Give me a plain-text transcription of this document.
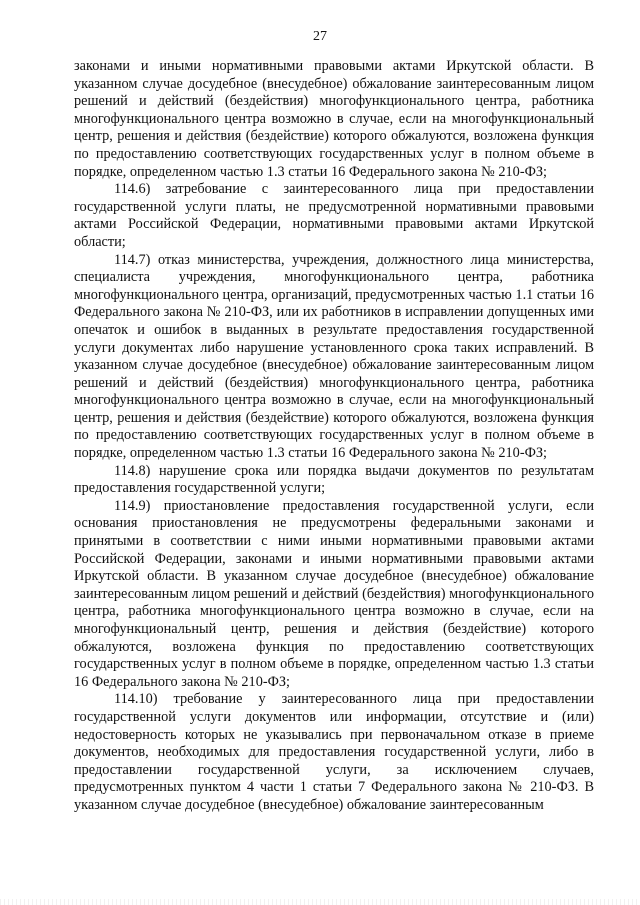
27

законами и иными нормативными правовыми актами Иркутской области. В указанном случае досудебное (внесудебное) обжалование заинтересованным лицом решений и действий (бездействия) многофункционального центра, работника многофункционального центра возможно в случае, если на многофункциональный центр, решения и действия (бездействие) которого обжалуются, возложена функция по предоставлению соответствующих государственных услуг в полном объеме в порядке, определенном частью 1.3 статьи 16 Федерального закона № 210-ФЗ;

114.6) затребование с заинтересованного лица при предоставлении государственной услуги платы, не предусмотренной нормативными правовыми актами Российской Федерации, нормативными правовыми актами Иркутской области;

114.7) отказ министерства, учреждения, должностного лица министерства, специалиста учреждения, многофункционального центра, работника многофункционального центра, организаций, предусмотренных частью 1.1 статьи 16 Федерального закона № 210-ФЗ, или их работников в исправлении допущенных ими опечаток и ошибок в выданных в результате предоставления государственной услуги документах либо нарушение установленного срока таких исправлений. В указанном случае досудебное (внесудебное) обжалование заинтересованным лицом решений и действий (бездействия) многофункционального центра, работника многофункционального центра возможно в случае, если на многофункциональный центр, решения и действия (бездействие) которого обжалуются, возложена функция по предоставлению соответствующих государственных услуг в полном объеме в порядке, определенном частью 1.3 статьи 16 Федерального закона № 210-ФЗ;

114.8) нарушение срока или порядка выдачи документов по результатам предоставления государственной услуги;

114.9) приостановление предоставления государственной услуги, если основания приостановления не предусмотрены федеральными законами и принятыми в соответствии с ними иными нормативными правовыми актами Российской Федерации, законами и иными нормативными правовыми актами Иркутской области. В указанном случае досудебное (внесудебное) обжалование заинтересованным лицом решений и действий (бездействия) многофункционального центра, работника многофункционального центра возможно в случае, если на многофункциональный центр, решения и действия (бездействие) которого обжалуются, возложена функция по предоставлению соответствующих государственных услуг в полном объеме в порядке, определенном частью 1.3 статьи 16 Федерального закона № 210-ФЗ;

114.10) требование у заинтересованного лица при предоставлении государственной услуги документов или информации, отсутствие и (или) недостоверность которых не указывались при первоначальном отказе в приеме документов, необходимых для предоставления государственной услуги, либо в предоставлении государственной услуги, за исключением случаев, предусмотренных пунктом 4 части 1 статьи 7 Федерального закона № 210-ФЗ. В указанном случае досудебное (внесудебное) обжалование заинтересованным
